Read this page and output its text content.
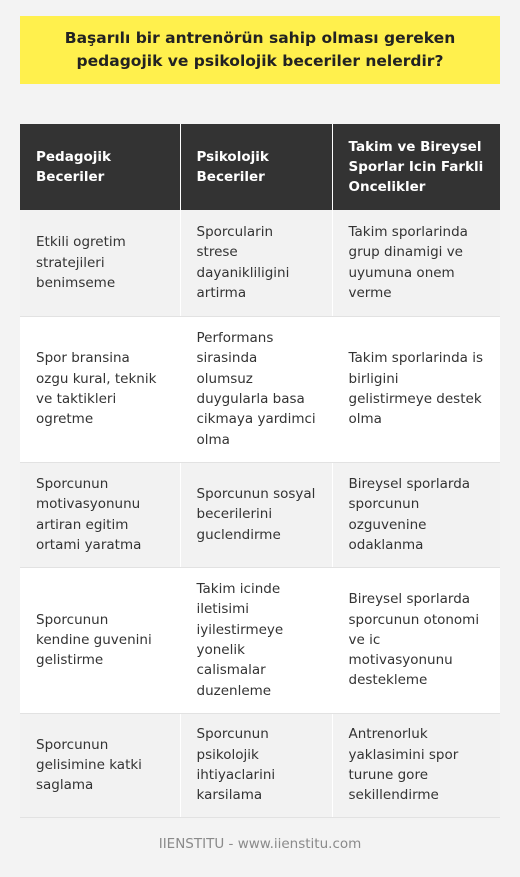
Başarılı bir antrenörün sahip olması gereken pedagojik ve psikolojik beceriler nelerdir?
Pedagojik Beceriler	Psikolojik Beceriler	Takim ve Bireysel Sporlar Icin Farkli Oncelikler
Etkili ogretim stratejileri benimseme	Sporcularin strese dayanikliligini artirma	Takim sporlarinda grup dinamigi ve uyumuna onem verme
Spor bransina ozgu kural, teknik ve taktikleri ogretme	Performans sirasinda olumsuz duygularla basa cikmaya yardimci olma	Takim sporlarinda is birligini gelistirmeye destek olma
Sporcunun motivasyonunu artiran egitim ortami yaratma	Sporcunun sosyal becerilerini guclendirme	Bireysel sporlarda sporcunun ozguvenine odaklanma
Sporcunun kendine guvenini gelistirme	Takim icinde iletisimi iyilestirmeye yonelik calismalar duzenleme	Bireysel sporlarda sporcunun otonomi ve ic motivasyonunu destekleme
Sporcunun gelisimine katki saglama	Sporcunun psikolojik ihtiyaclarini karsilama	Antrenorluk yaklasimini spor turune gore sekillendirme
IIENSTITU - www.iienstitu.com
